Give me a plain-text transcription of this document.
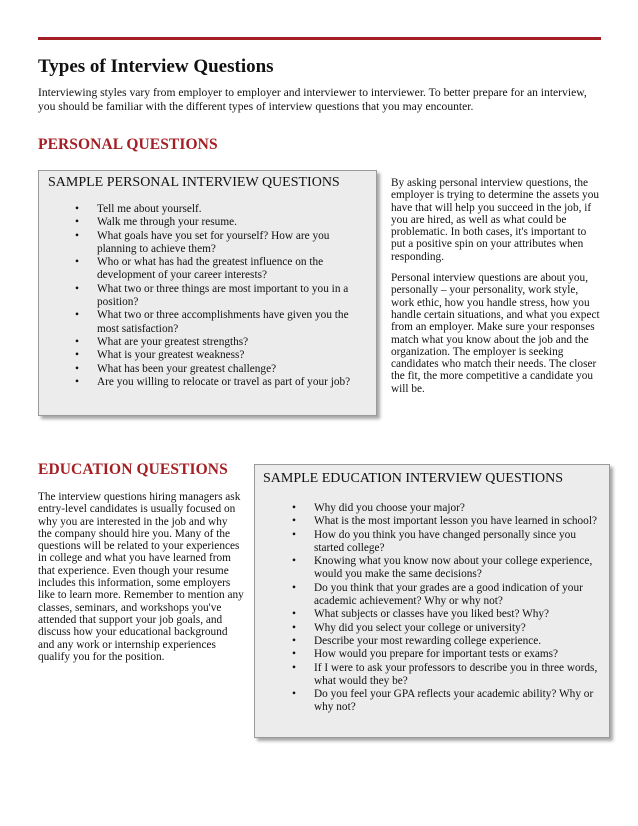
Types of Interview Questions
Interviewing styles vary from employer to employer and interviewer to interviewer. To better prepare for an interview, you should be familiar with the different types of interview questions that you may encounter.
PERSONAL QUESTIONS
SAMPLE PERSONAL INTERVIEW QUESTIONS
• Tell me about yourself.
• Walk me through your resume.
• What goals have you set for yourself? How are you planning to achieve them?
• Who or what has had the greatest influence on the development of your career interests?
• What two or three things are most important to you in a position?
• What two or three accomplishments have given you the most satisfaction?
• What are your greatest strengths?
• What is your greatest weakness?
• What has been your greatest challenge?
• Are you willing to relocate or travel as part of your job?

By asking personal interview questions, the employer is trying to determine the assets you have that will help you succeed in the job, if you are hired, as well as what could be problematic. In both cases, it's important to put a positive spin on your attributes when responding.

Personal interview questions are about you, personally – your personality, work style, work ethic, how you handle stress, how you handle certain situations, and what you expect from an employer. Make sure your responses match what you know about the job and the organization. The employer is seeking candidates who match their needs. The closer the fit, the more competitive a candidate you will be.

EDUCATION QUESTIONS
The interview questions hiring managers ask entry-level candidates is usually focused on why you are interested in the job and why the company should hire you. Many of the questions will be related to your experiences in college and what you have learned from that experience. Even though your resume includes this information, some employers like to learn more. Remember to mention any classes, seminars, and workshops you've attended that support your job goals, and discuss how your educational background and any work or internship experiences qualify you for the position.
SAMPLE EDUCATION INTERVIEW QUESTIONS
• Why did you choose your major?
• What is the most important lesson you have learned in school?
• How do you think you have changed personally since you started college?
• Knowing what you know now about your college experience, would you make the same decisions?
• Do you think that your grades are a good indication of your academic achievement? Why or why not?
• What subjects or classes have you liked best? Why?
• Why did you select your college or university?
• Describe your most rewarding college experience.
• How would you prepare for important tests or exams?
• If I were to ask your professors to describe you in three words, what would they be?
• Do you feel your GPA reflects your academic ability? Why or why not?
